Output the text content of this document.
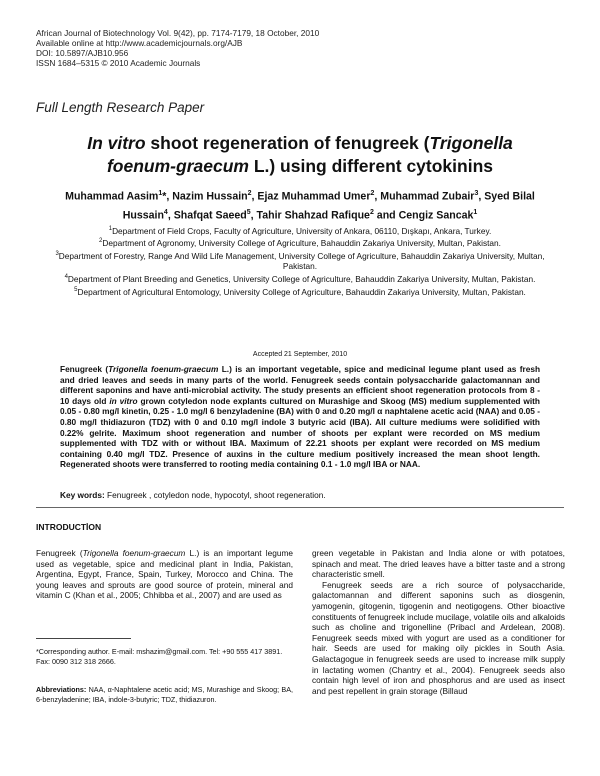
African Journal of Biotechnology Vol. 9(42), pp. 7174-7179, 18 October, 2010
Available online at http://www.academicjournals.org/AJB
DOI: 10.5897/AJB10.956
ISSN 1684–5315 © 2010 Academic Journals
Full Length Research Paper
In vitro shoot regeneration of fenugreek (Trigonella foenum-graecum L.) using different cytokinins
Muhammad Aasim$^1$*, Nazim Hussain$^2$, Ejaz Muhammad Umer$^2$, Muhammad Zubair$^3$, Syed Bilal Hussain$^4$, Shafqat Saeed$^5$, Tahir Shahzad Rafique$^2$ and Cengiz Sancak$^1$
$^1$Department of Field Crops, Faculty of Agriculture, University of Ankara, 06110, Dışkapı, Ankara, Turkey.
$^2$Department of Agronomy, University College of Agriculture, Bahauddin Zakariya University, Multan, Pakistan.
$^3$Department of Forestry, Range And Wild Life Management, University College of Agriculture, Bahauddin Zakariya University, Multan, Pakistan.
$^4$Department of Plant Breeding and Genetics, University College of Agriculture, Bahauddin Zakariya University, Multan, Pakistan.
$^5$Department of Agricultural Entomology, University College of Agriculture, Bahauddin Zakariya University, Multan, Pakistan.
Accepted 21 September, 2010
Fenugreek (Trigonella foenum-graecum L.) is an important vegetable, spice and medicinal legume plant used as fresh and dried leaves and seeds in many parts of the world. Fenugreek seeds contain polysaccharide galactomannan and different saponins and have anti-microbial activity. The study presents an efficient shoot regeneration protocols from 8 - 10 days old in vitro grown cotyledon node explants cultured on Murashige and Skoog (MS) medium supplemented with 0.05 - 0.80 mg/l kinetin, 0.25 - 1.0 mg/l 6 benzyladenine (BA) with 0 and 0.20 mg/l α naphtalene acetic acid (NAA) and 0.05 - 0.80 mg/l thidiazuron (TDZ) with 0 and 0.10 mg/l indole 3 butyric acid (IBA). All culture mediums were solidified with 0.22% gelrite. Maximum shoot regeneration and number of shoots per explant were recorded on MS medium supplemented with TDZ with or without IBA. Maximum of 22.21 shoots per explant were recorded on MS medium containing 0.40 mg/l TDZ. Presence of auxins in the culture medium positively increased the mean shoot length. Regenerated shoots were transferred to rooting media containing 0.1 - 1.0 mg/l IBA or NAA.
Key words: Fenugreek , cotyledon node, hypocotyl, shoot regeneration.
INTRODUCTİON

Fenugreek (Trigonella foenum-graecum L.) is an important legume used as vegetable, spice and medicinal plant in India, Pakistan, Argentina, Egypt, France, Spain, Turkey, Morocco and China. The young leaves and sprouts are good source of protein, mineral and vitamin C (Khan et al., 2005; Chhibba et al., 2007) and are used as

*Corresponding author. E-mail: mshazim@gmail.com. Tel: +90 555 417 3891. Fax: 0090 312 318 2666.
Abbreviations: NAA, α-Naphtalene acetic acid; MS, Murashige and Skoog; BA, 6-benzyladenine; IBA, indole-3-butyric; TDZ, thidiazuron.

green vegetable in Pakistan and India alone or with potatoes, spinach and meat. The dried leaves have a bitter taste and a strong characteristic smell.

Fenugreek seeds are a rich source of polysaccharide, galactomannan and different saponins such as diosgenin, yamogenin, gitogenin, tigogenin and neotigogens. Other bioactive constituents of fenugreek include mucilage, volatile oils and alkaloids such as choline and trigonelline (Pribacl and Ardelean, 2008). Fenugreek seeds mixed with yogurt are used as a conditioner for hair. Seeds are used for making oily pickles in South Asia. Galactagogue in fenugreek seeds are used to increase milk supply in lactating women (Chantry et al., 2004). Fenugreek seeds also contain high level of iron and phosphorus and are used as insect and pest repellent in grain storage (Billaud
